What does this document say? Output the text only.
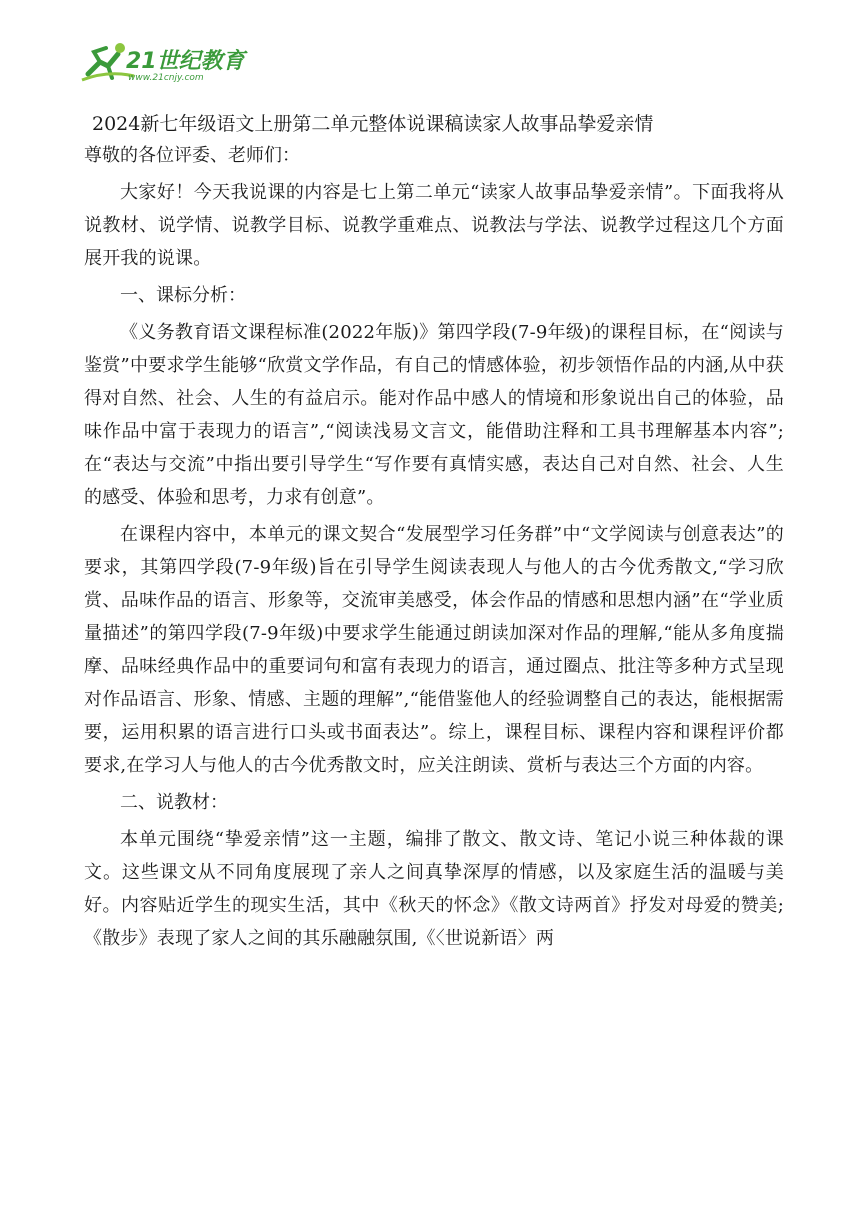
21世纪教育
www.21cnjy.com
2024新七年级语文上册第二单元整体说课稿读家人故事品挚爱亲情
尊敬的各位评委、老师们：

大家好！今天我说课的内容是七上第二单元“读家人故事品挚爱亲情”。下面我将从说教材、说学情、说教学目标、说教学重难点、说教法与学法、说教学过程这几个方面展开我的说课。

一、课标分析：

《义务教育语文课程标准(2022年版)》第四学段(7-9年级)的课程目标，在“阅读与鉴赏”中要求学生能够“欣赏文学作品，有自己的情感体验，初步领悟作品的内涵,从中获得对自然、社会、人生的有益启示。能对作品中感人的情境和形象说出自己的体验，品味作品中富于表现力的语言”,“阅读浅易文言文，能借助注释和工具书理解基本内容”;在“表达与交流”中指出要引导学生“写作要有真情实感，表达自己对自然、社会、人生的感受、体验和思考，力求有创意”。

在课程内容中，本单元的课文契合“发展型学习任务群”中“文学阅读与创意表达”的要求，其第四学段(7-9年级)旨在引导学生阅读表现人与他人的古今优秀散文,“学习欣赏、品味作品的语言、形象等，交流审美感受，体会作品的情感和思想内涵”在“学业质量描述”的第四学段(7-9年级)中要求学生能通过朗读加深对作品的理解,“能从多角度揣摩、品味经典作品中的重要词句和富有表现力的语言，通过圈点、批注等多种方式呈现对作品语言、形象、情感、主题的理解”,“能借鉴他人的经验调整自己的表达，能根据需要，运用积累的语言进行口头或书面表达”。综上，课程目标、课程内容和课程评价都要求,在学习人与他人的古今优秀散文时，应关注朗读、赏析与表达三个方面的内容。

二、说教材：

本单元围绕“挚爱亲情”这一主题，编排了散文、散文诗、笔记小说三种体裁的课文。这些课文从不同角度展现了亲人之间真挚深厚的情感，以及家庭生活的温暖与美好。内容贴近学生的现实生活，其中《秋天的怀念》《散文诗两首》抒发对母爱的赞美;《散步》表现了家人之间的其乐融融氛围,《〈世说新语〉两
